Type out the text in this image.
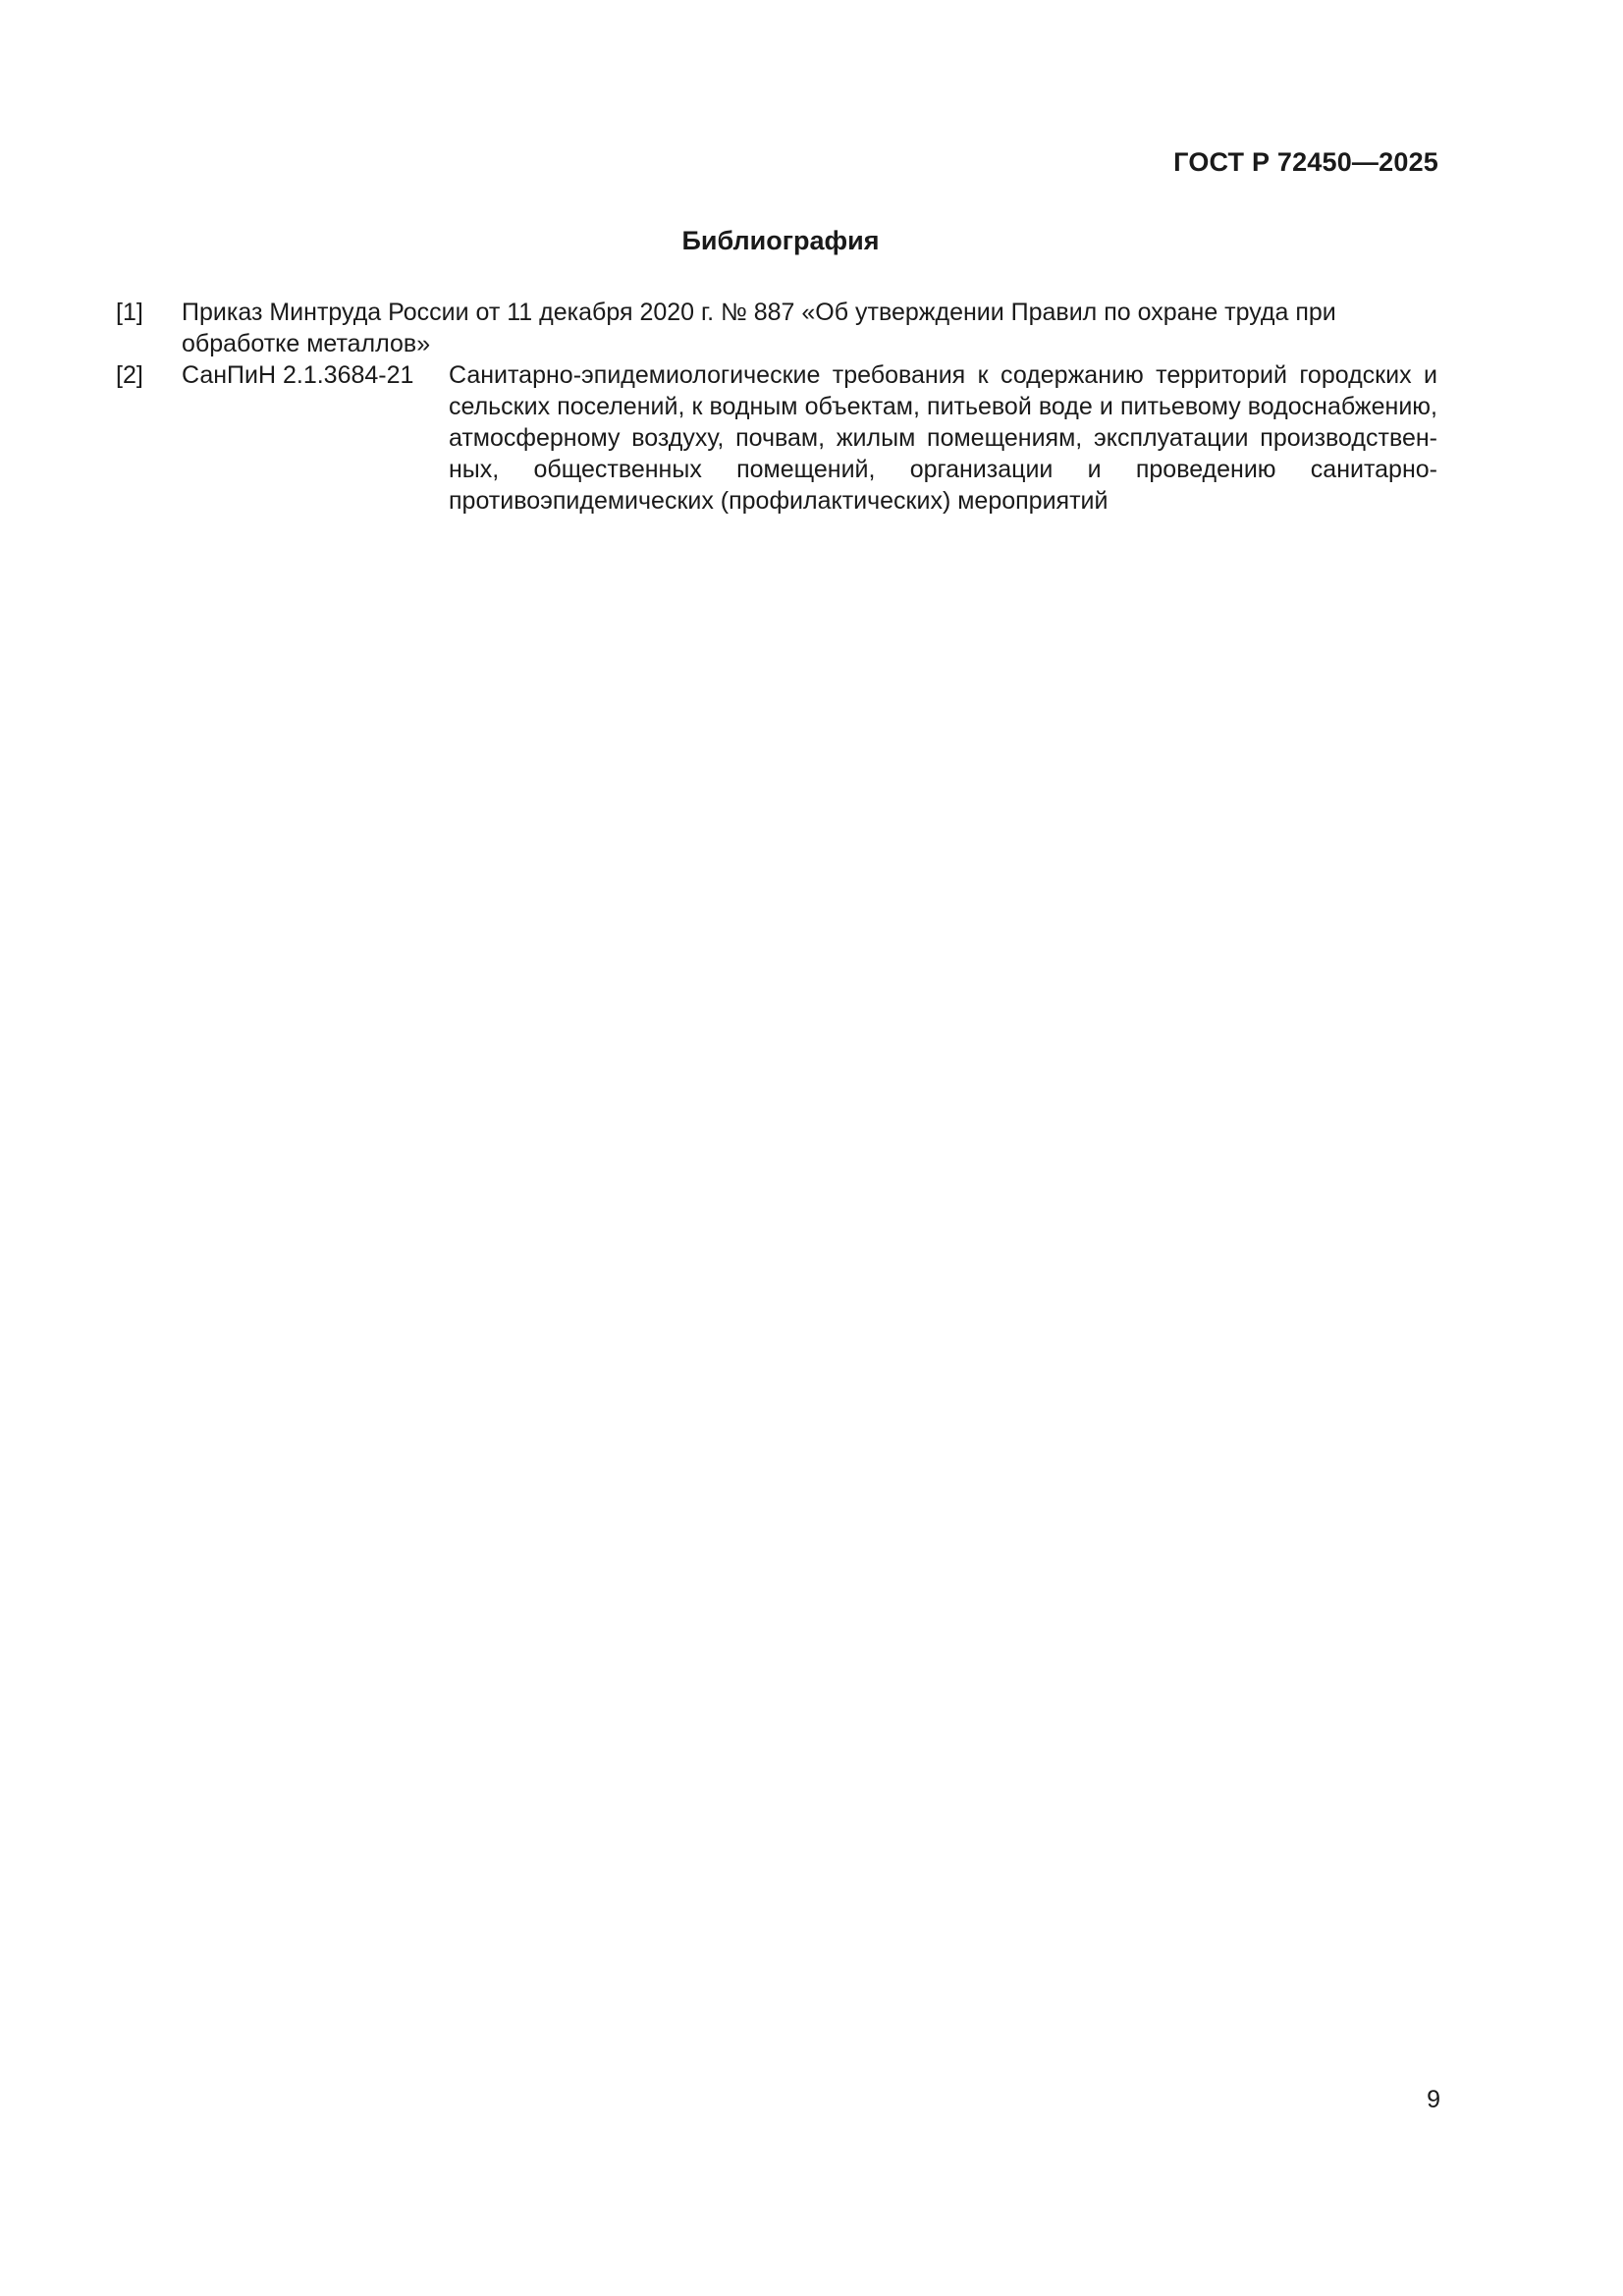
ГОСТ Р 72450—2025
Библиография
[1] Приказ Минтруда России от 11 декабря 2020 г. № 887 «Об утверждении Правил по охране труда при обработке металлов»
[2] СанПиН 2.1.3684-21 Санитарно-эпидемиологические требования к содержанию территорий городских и сельских поселений, к водным объектам, питьевой воде и питьевому водоснабжению, атмосферному воздуху, почвам, жилым помещениям, эксплуатации производственных, общественных помещений, организации и проведению санитарно-противоэпидемических (профилактических) мероприятий
9
